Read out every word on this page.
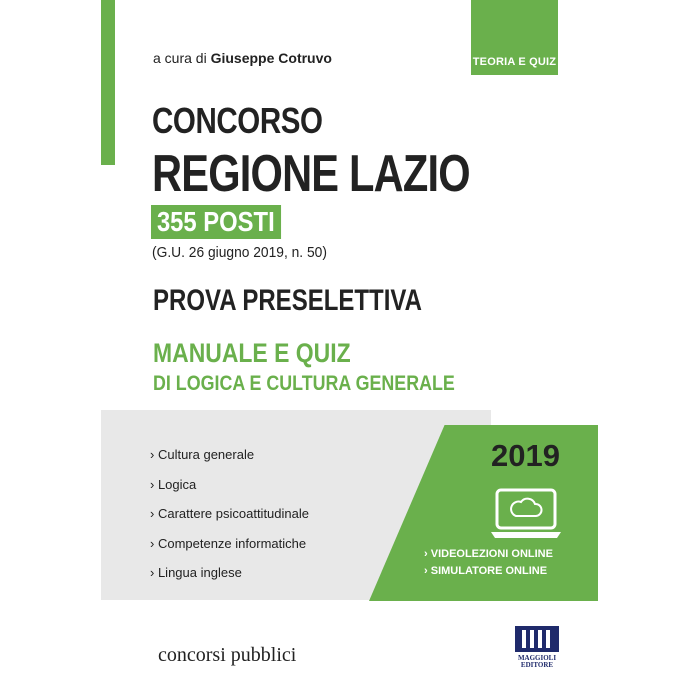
TEORIA E QUIZ
a cura di Giuseppe Cotruvo
CONCORSO
REGIONE LAZIO
355 POSTI
(G.U. 26 giugno 2019, n. 50)
PROVA PRESELETTIVA
MANUALE E QUIZ
DI LOGICA E CULTURA GENERALE
› Cultura generale
› Logica
› Carattere psicoattitudinale
› Competenze informatiche
› Lingua inglese
2019
› VIDEOLEZIONI ONLINE
› SIMULATORE ONLINE
concorsi pubblici	MAGGIOLI
EDITORE
